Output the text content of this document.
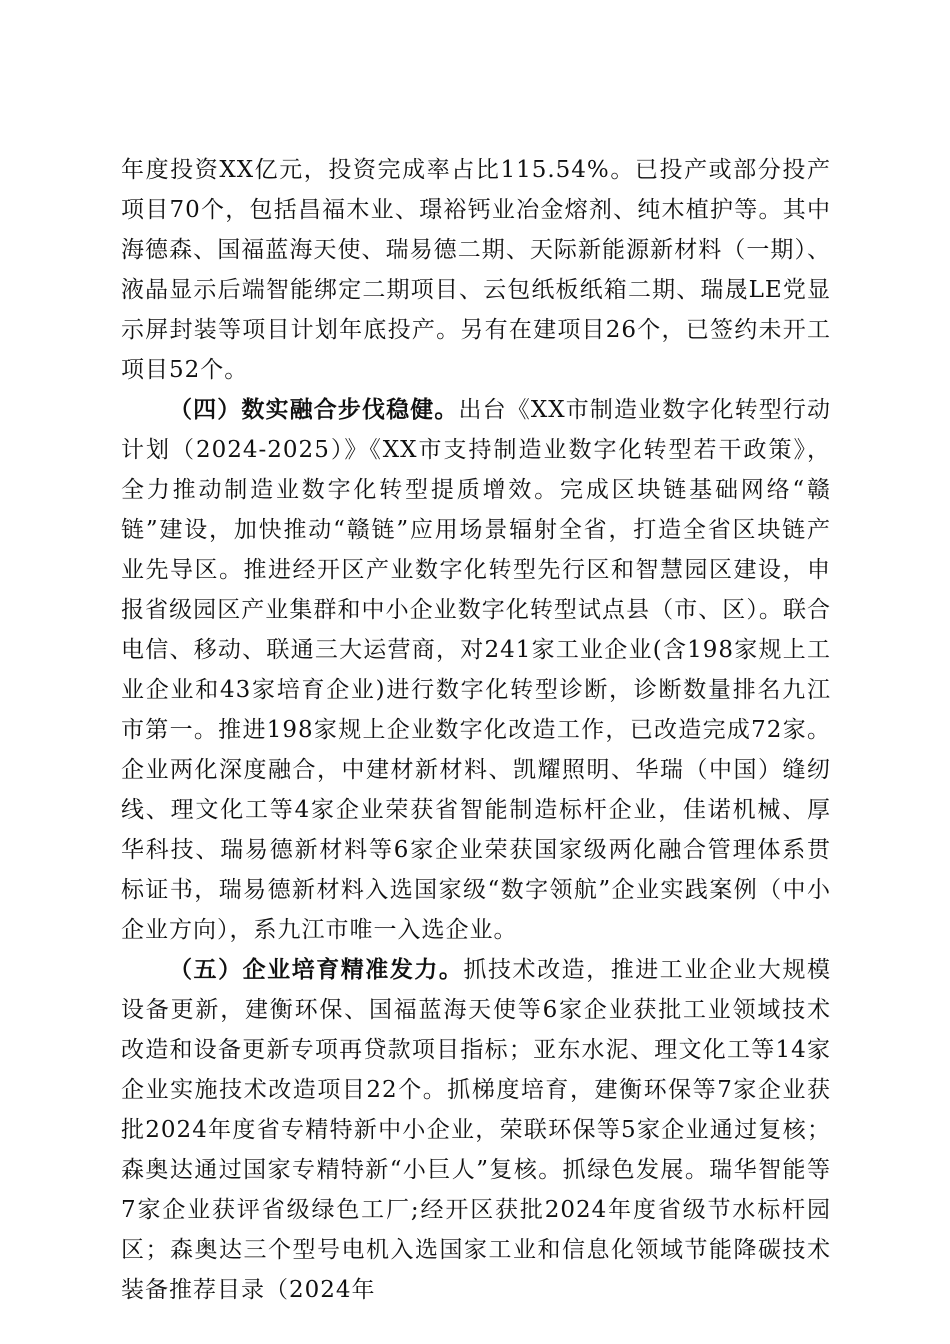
年度投资XX亿元，投资完成率占比115.54%。已投产或部分投产项目70个，包括昌福木业、璟裕钙业冶金熔剂、纯木植护等。其中海德森、国福蓝海天使、瑞易德二期、天际新能源新材料（一期）、液晶显示后端智能绑定二期项目、云包纸板纸箱二期、瑞晟LE党显示屏封装等项目计划年底投产。另有在建项目26个，已签约未开工项目52个。

（四）数实融合步伐稳健。出台《XX市制造业数字化转型行动计划（2024-2025）》《XX市支持制造业数字化转型若干政策》，全力推动制造业数字化转型提质增效。完成区块链基础网络“赣链”建设，加快推动“赣链”应用场景辐射全省，打造全省区块链产业先导区。推进经开区产业数字化转型先行区和智慧园区建设，申报省级园区产业集群和中小企业数字化转型试点县（市、区）。联合电信、移动、联通三大运营商，对241家工业企业(含198家规上工业企业和43家培育企业)进行数字化转型诊断，诊断数量排名九江市第一。推进198家规上企业数字化改造工作，已改造完成72家。企业两化深度融合，中建材新材料、凯耀照明、华瑞（中国）缝纫线、理文化工等4家企业荣获省智能制造标杆企业，佳诺机械、厚华科技、瑞易德新材料等6家企业荣获国家级两化融合管理体系贯标证书，瑞易德新材料入选国家级“数字领航”企业实践案例（中小企业方向），系九江市唯一入选企业。

（五）企业培育精准发力。抓技术改造，推进工业企业大规模设备更新，建衡环保、国福蓝海天使等6家企业获批工业领域技术改造和设备更新专项再贷款项目指标；亚东水泥、理文化工等14家企业实施技术改造项目22个。抓梯度培育，建衡环保等7家企业获批2024年度省专精特新中小企业，荣联环保等5家企业通过复核；森奥达通过国家专精特新“小巨人”复核。抓绿色发展。瑞华智能等7家企业获评省级绿色工厂;经开区获批2024年度省级节水标杆园区；森奥达三个型号电机入选国家工业和信息化领域节能降碳技术装备推荐目录（2024年
